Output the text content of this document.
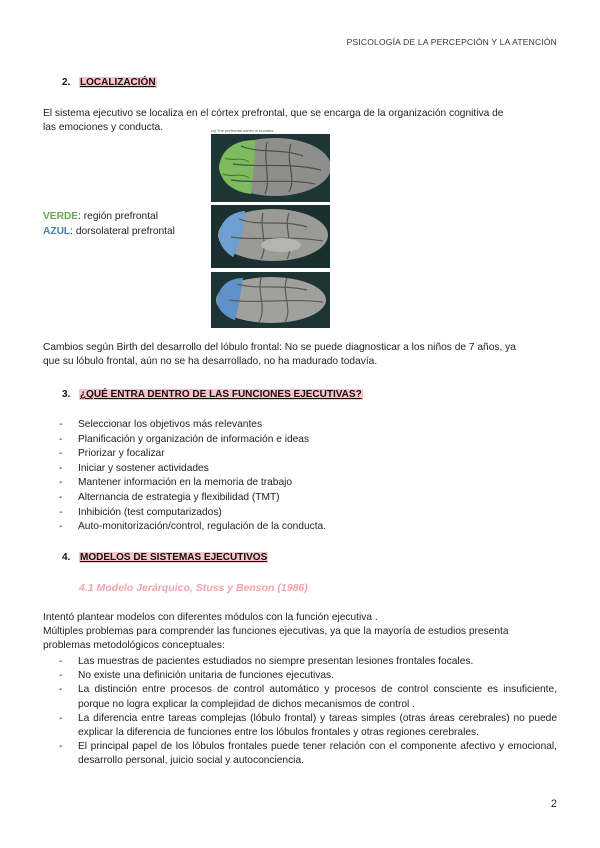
PSICOLOGÍA DE LA PERCEPCIÓN Y LA ATENCIÓN
2. LOCALIZACIÓN
El sistema ejecutivo se localiza en el córtex prefrontal, que se encarga de la organización cognitiva de
las emociones y conducta.	(a) The prefrontal cortex in humans
VERDE: región prefrontal
AZUL: dorsolateral prefrontal
Cambios según Birth del desarrollo del lóbulo frontal: No se puede diagnosticar a los niños de 7 años, ya
que su lóbulo frontal, aún no se ha desarrollado, no ha madurado todavía.
3. ¿QUÉ ENTRA DENTRO DE LAS FUNCIONES EJECUTIVAS?
- Seleccionar los objetivos más relevantes
- Planificación y organización de información e ideas
- Priorizar y focalizar
- Iniciar y sostener actividades
- Mantener información en la memoria de trabajo
- Alternancia de estrategia y flexibilidad (TMT)
- Inhibición (test computarizados)
- Auto-monitorización/control, regulación de la conducta.
4. MODELOS DE SISTEMAS EJECUTIVOS
4.1 Modelo Jerárquico, Stuss y Benson (1986)
Intentó plantear modelos con diferentes módulos con la función ejecutiva .
Múltiples problemas para comprender las funciones ejecutivas, ya que la mayoría de estudios presenta
problemas metodológicos conceptuales:
- Las muestras de pacientes estudiados no siempre presentan lesiones frontales focales.
- No existe una definición unitaria de funciones ejecutivas.
- La distinción entre procesos de control automático y procesos de control consciente es insuficiente, porque no logra explicar la complejidad de dichos mecanismos de control .
- La diferencia entre tareas complejas (lóbulo frontal) y tareas simples (otras áreas cerebrales) no puede explicar la diferencia de funciones entre los lóbulos frontales y otras regiones cerebrales.
- El principal papel de los lóbulos frontales puede tener relación con el componente afectivo y emocional, desarrollo personal, juicio social y autoconciencia.
2
